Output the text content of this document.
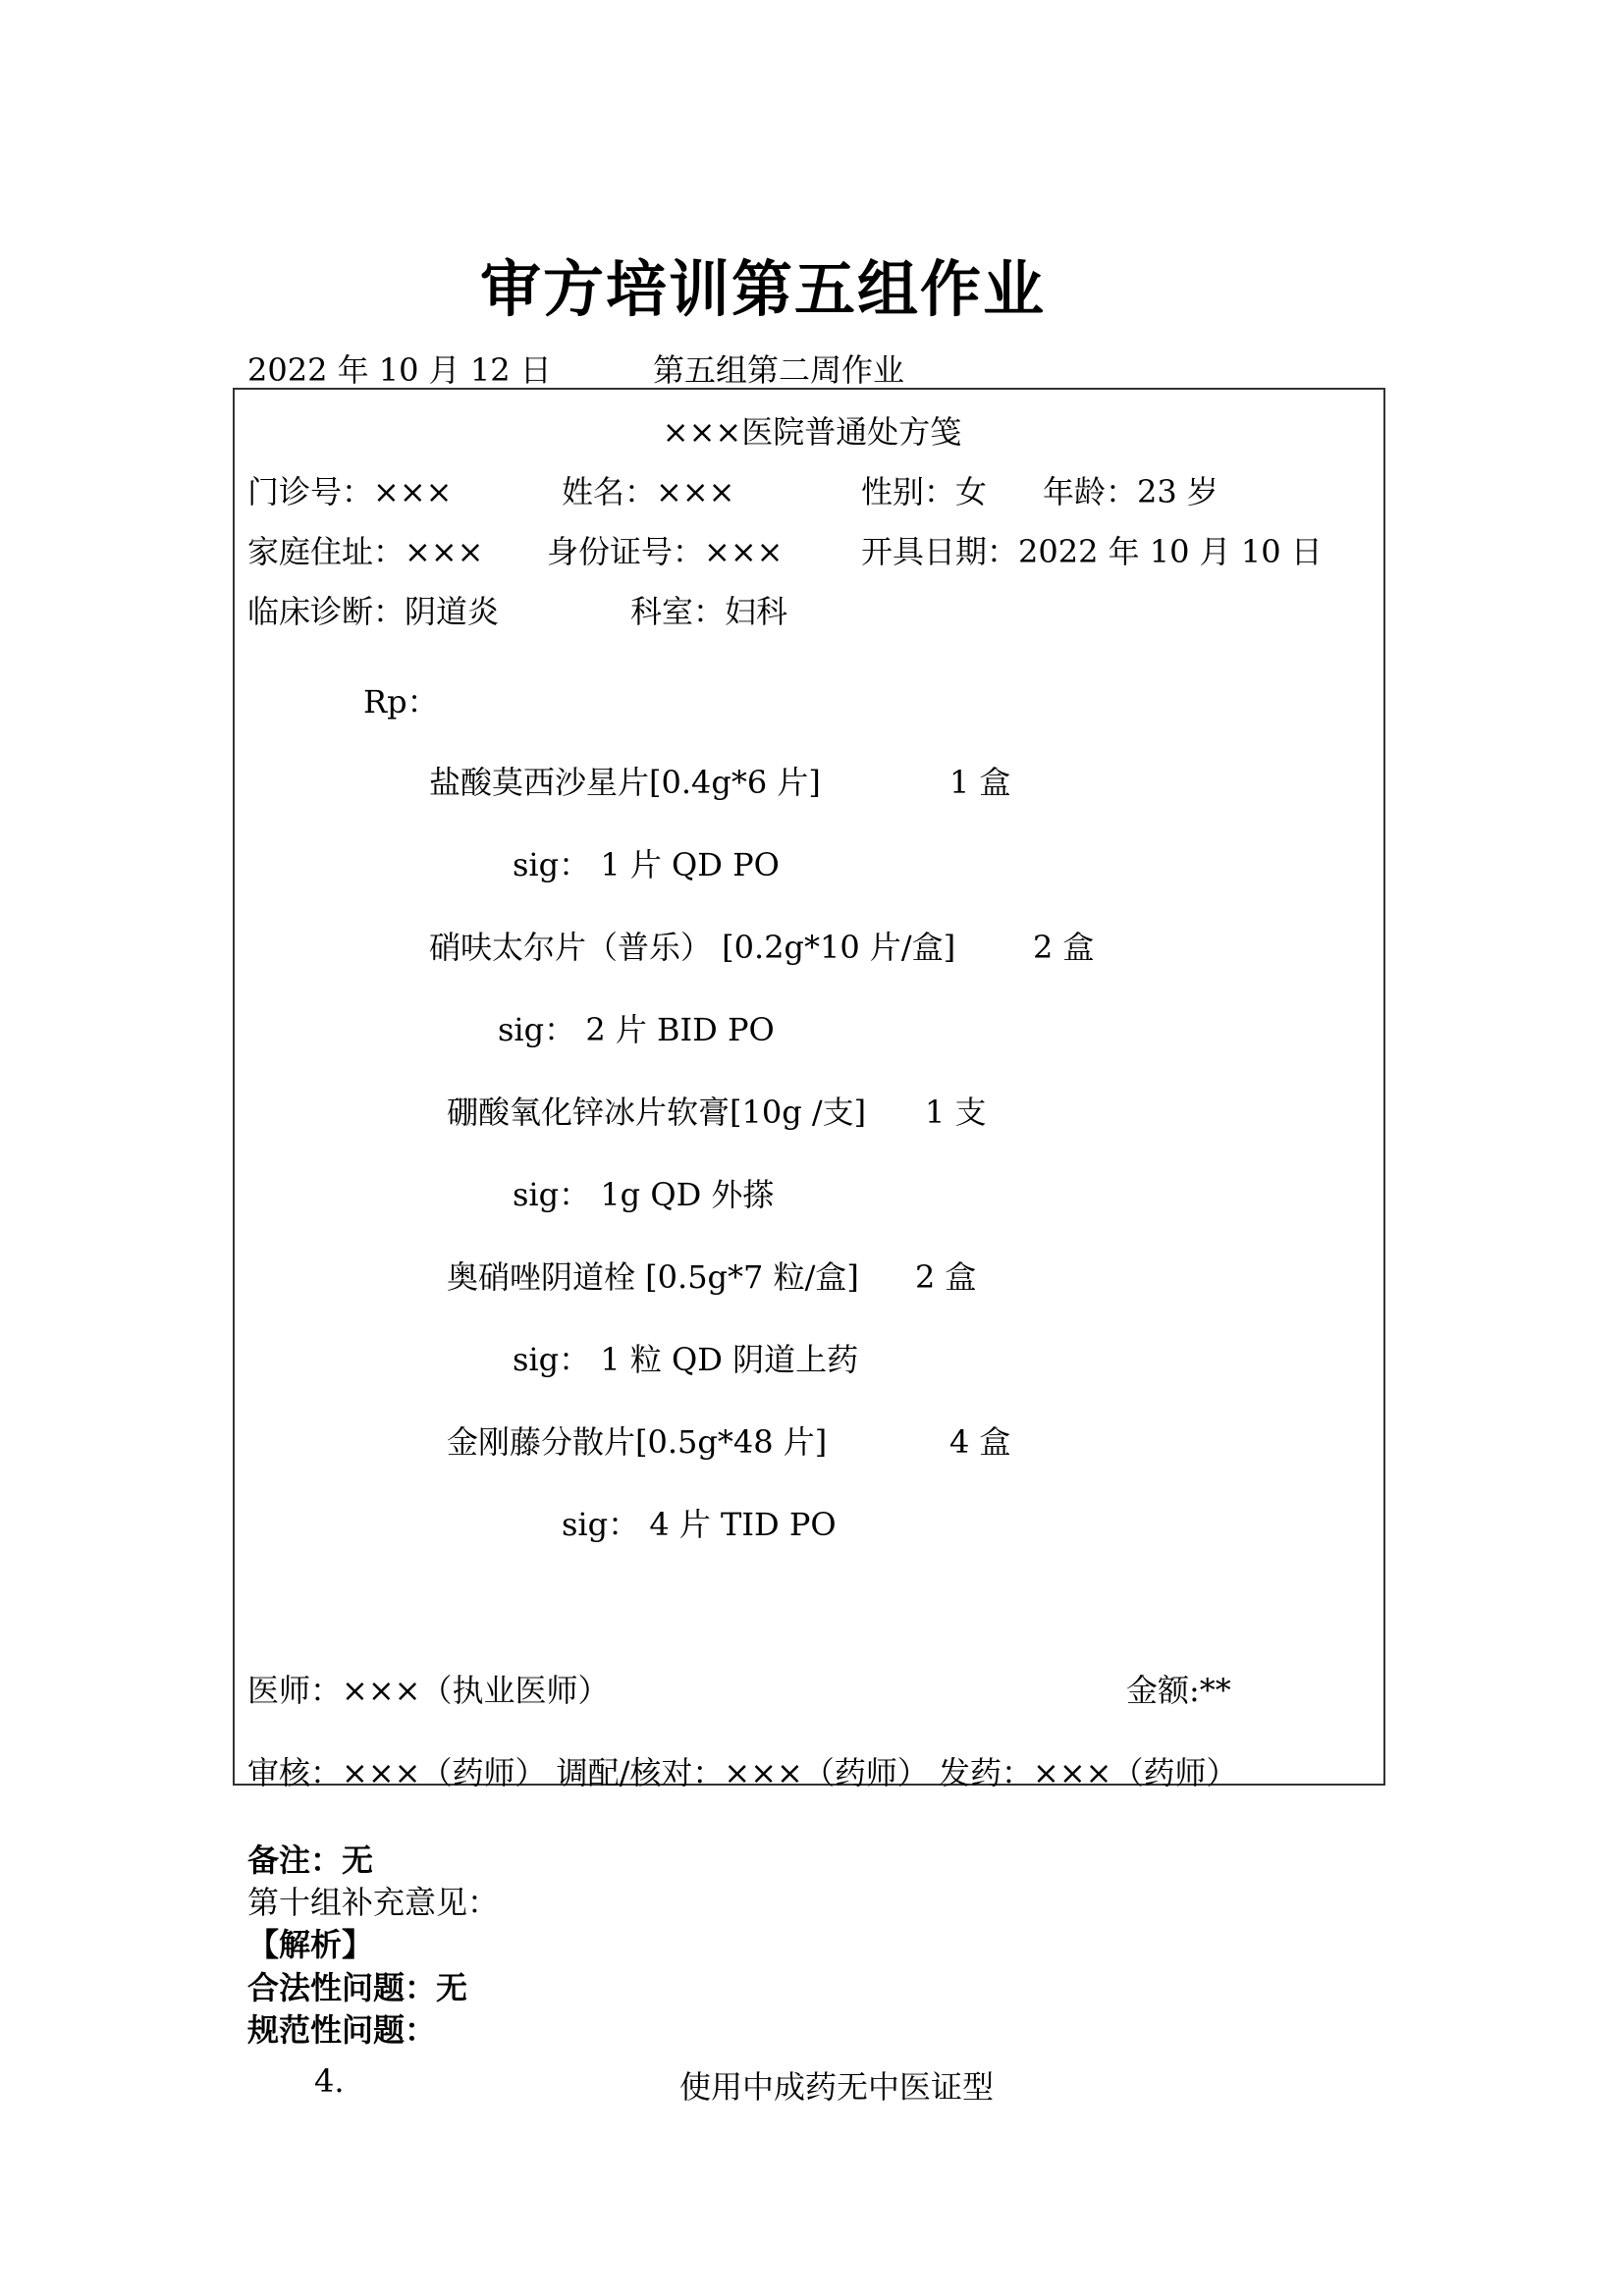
审方培训第五组作业
2022 年 10 月 12 日	第五组第二周作业
×××医院普通处方笺
门诊号：×××	姓名：×××	性别：女 年龄：23 岁
家庭住址：××× 身份证号：××× 开具日期：2022 年 10 月 10 日
临床诊断：阴道炎	科室：妇科
Rp：
盐酸莫西沙星片[0.4g*6 片]	1 盒
sig： 1 片 QD PO
硝呋太尔片（普乐） [0.2g*10 片/盒] 2 盒
sig： 2 片 BID PO
硼酸氧化锌冰片软膏[10g /支] 1 支
sig： 1g QD 外搽
奥硝唑阴道栓 [0.5g*7 粒/盒] 2 盒
sig： 1 粒 QD 阴道上药
金刚藤分散片[0.5g*48 片]	4 盒
sig： 4 片 TID PO
医师：×××（执业医师）	金额:**
审核：×××（药师） 调配/核对：×××（药师） 发药：×××（药师）
备注：无
第十组补充意见：
【解析】
合法性问题：无
规范性问题：
4.	使用中成药无中医证型
